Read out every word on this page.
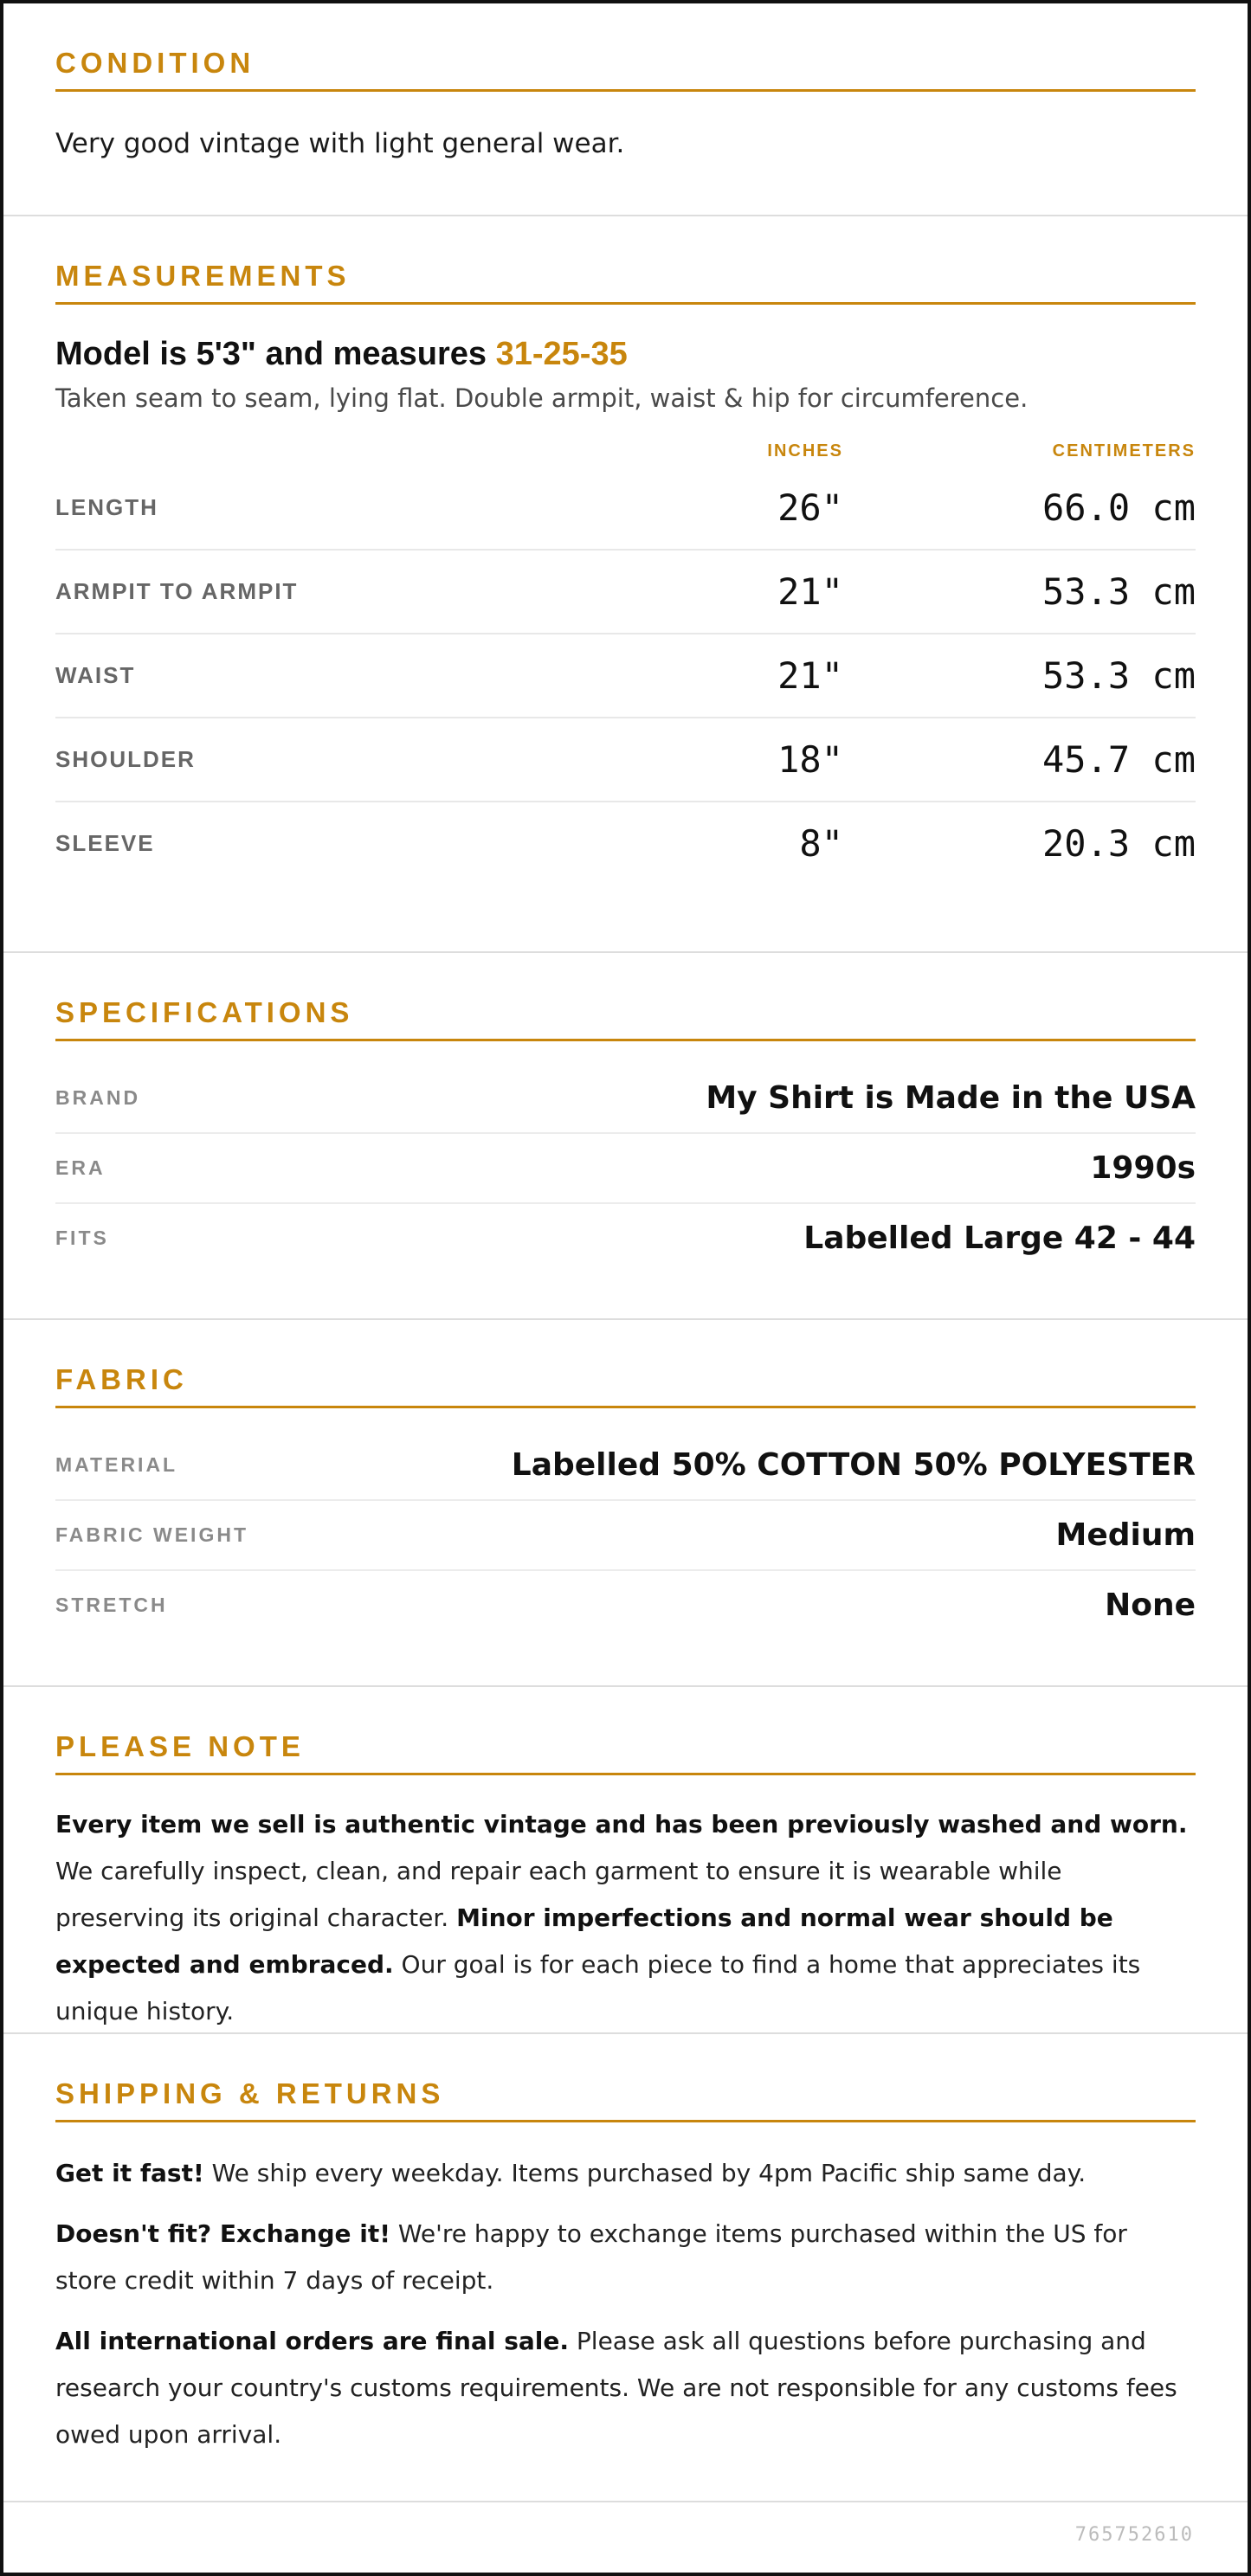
CONDITION
Very good vintage with light general wear.
MEASUREMENTS
Model is 5'3" and measures 31-25-35
Taken seam to seam, lying flat. Double armpit, waist & hip for circumference.
INCHES	CENTIMETERS
LENGTH	26"	66.0 cm
ARMPIT TO ARMPIT	21"	53.3 cm
WAIST	21"	53.3 cm
SHOULDER	18"	45.7 cm
SLEEVE	8"	20.3 cm
SPECIFICATIONS
BRAND	My Shirt is Made in the USA
ERA	1990s
FITS	Labelled Large 42 - 44
FABRIC
MATERIAL	Labelled 50% COTTON 50% POLYESTER
FABRIC WEIGHT	Medium
STRETCH	None
PLEASE NOTE
Every item we sell is authentic vintage and has been previously washed and worn. We carefully inspect, clean, and repair each garment to ensure it is wearable while preserving its original character. Minor imperfections and normal wear should be expected and embraced. Our goal is for each piece to find a home that appreciates its unique history.
SHIPPING & RETURNS

Get it fast! We ship every weekday. Items purchased by 4pm Pacific ship same day.

Doesn't fit? Exchange it! We're happy to exchange items purchased within the US for store credit within 7 days of receipt.

All international orders are final sale. Please ask all questions before purchasing and research your country's customs requirements. We are not responsible for any customs fees owed upon arrival.

765752610
